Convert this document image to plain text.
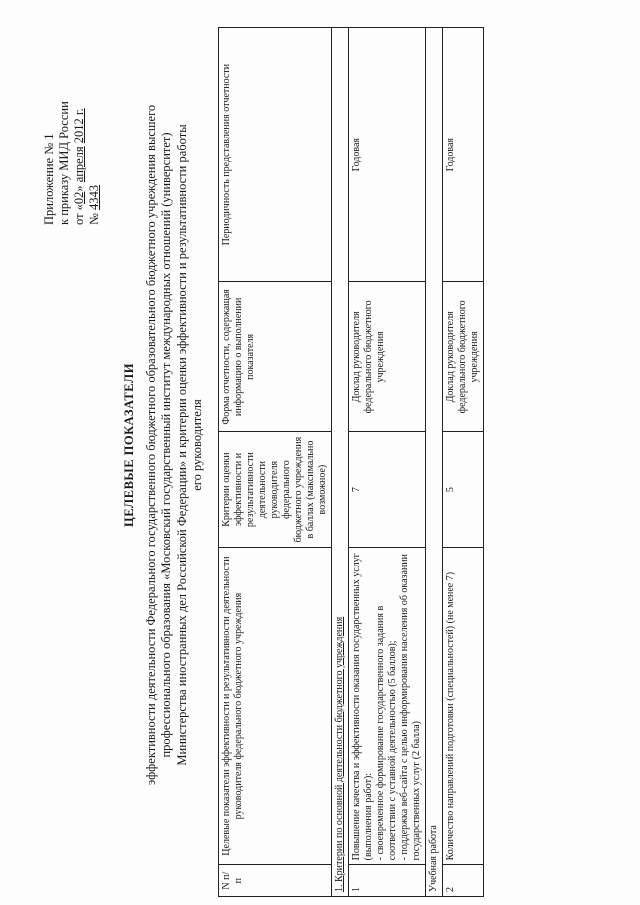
Приложение № 1 к приказу МИД России от «02» апреля 2012 г.
№ 4343
ЦЕЛЕВЫЕ ПОКАЗАТЕЛИ эффективности деятельности Федерального государственного бюджетного образовательного бюджетного учреждения высшего профессионального образования «Московский государственный институт международных отношений (университет) Министерства иностранных дел Российской Федерации» и критерии оценки эффективности и результативности работы его руководителя
N п/п	Целевые показатели эффективности и результативности деятельности руководителя федерального бюджетного учреждения	Критерии оценки эффективности и результативности деятельности руководителя федерального бюджетного учреждения в баллах (максимально возможное)	Форма отчетности, содержащая информацию о выполнении показателя	Периодичность представления отчетности
1. Критерии по основной деятельности бюджетного учреждения				
1	Повышение качества и эффективности оказания государственных услуг (выполнения работ): - своевременное формирование государственного задания в соответствии с уставной деятельностью (5 баллов); - поддержка веб-сайта с целью информирования населения об оказании государственных услуг (2 балла)	7	Доклад руководителя федерального бюджетного учреждения	Годовая
Учебная работа				
2	Количество направлений подготовки (специальностей) (не менее 7)	5	Доклад руководителя федерального бюджетного учреждения	Годовая
